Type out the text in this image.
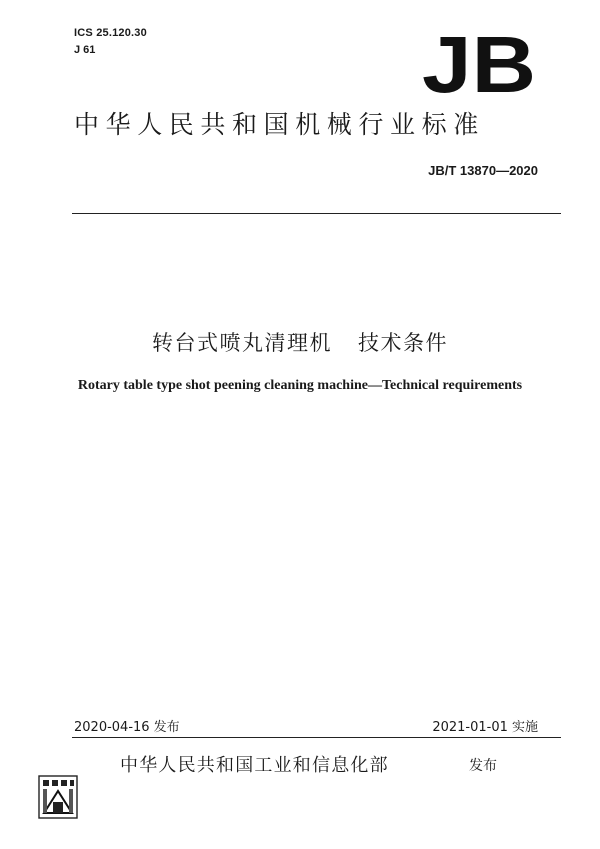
ICS 25.120.30
J 61	JB
中华人民共和国机械行业标准
JB/T 13870—2020
转台式喷丸清理机 技术条件
Rotary table type shot peening cleaning machine—Technical requirements
2020-04-16 发布	2021-01-01 实施
中华人民共和国工业和信息化部	发布
